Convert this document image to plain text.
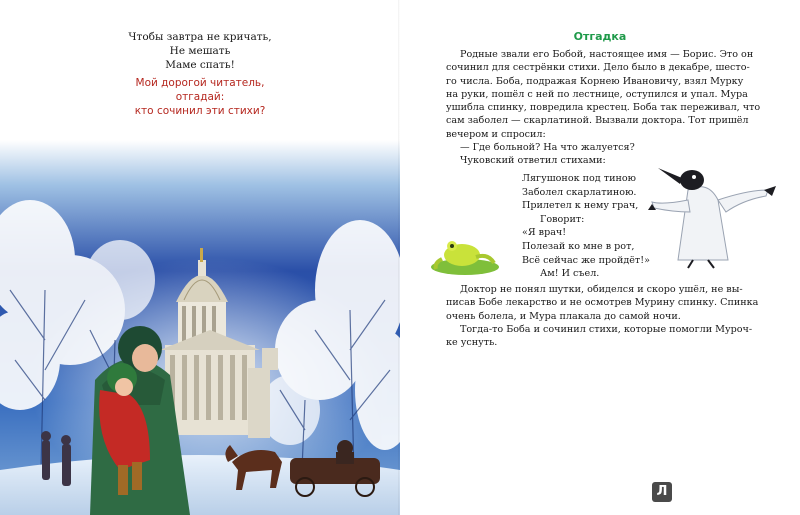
Чтобы завтра не кричать,
Не мешать
Маме спать!
Мой дорогой читатель,
отгадай:
кто сочинил эти стихи?
Отгадка
Родные звали его Бобой, настоящее имя — Борис. Это он
сочинил для сестрёнки стихи. Дело было в декабре, шесто-
го числа. Боба, подражая Корнею Ивановичу, взял Мурку
на руки, пошёл с ней по лестнице, оступился и упал. Мура
ушибла спинку, повредила крестец. Боба так переживал, что
сам заболел — скарлатиной. Вызвали доктора. Тот пришёл
вечером и спросил:
— Где больной? На что жалуется?
Чуковский ответил стихами:
Лягушонок под тиною
Заболел скарлатиною.
Прилетел к нему грач,
Говорит:
«Я врач!
Полезай ко мне в рот,
Всё сейчас же пройдёт!»
Ам! И съел.
Доктор не понял шутки, обиделся и скоро ушёл, не вы-
писав Бобе лекарство и не осмотрев Мурину спинку. Спинка
очень болела, и Мура плакала до самой ночи.
Тогда-то Боба и сочинил стихи, которые помогли Мурoч-
ке уснуть.
Л
